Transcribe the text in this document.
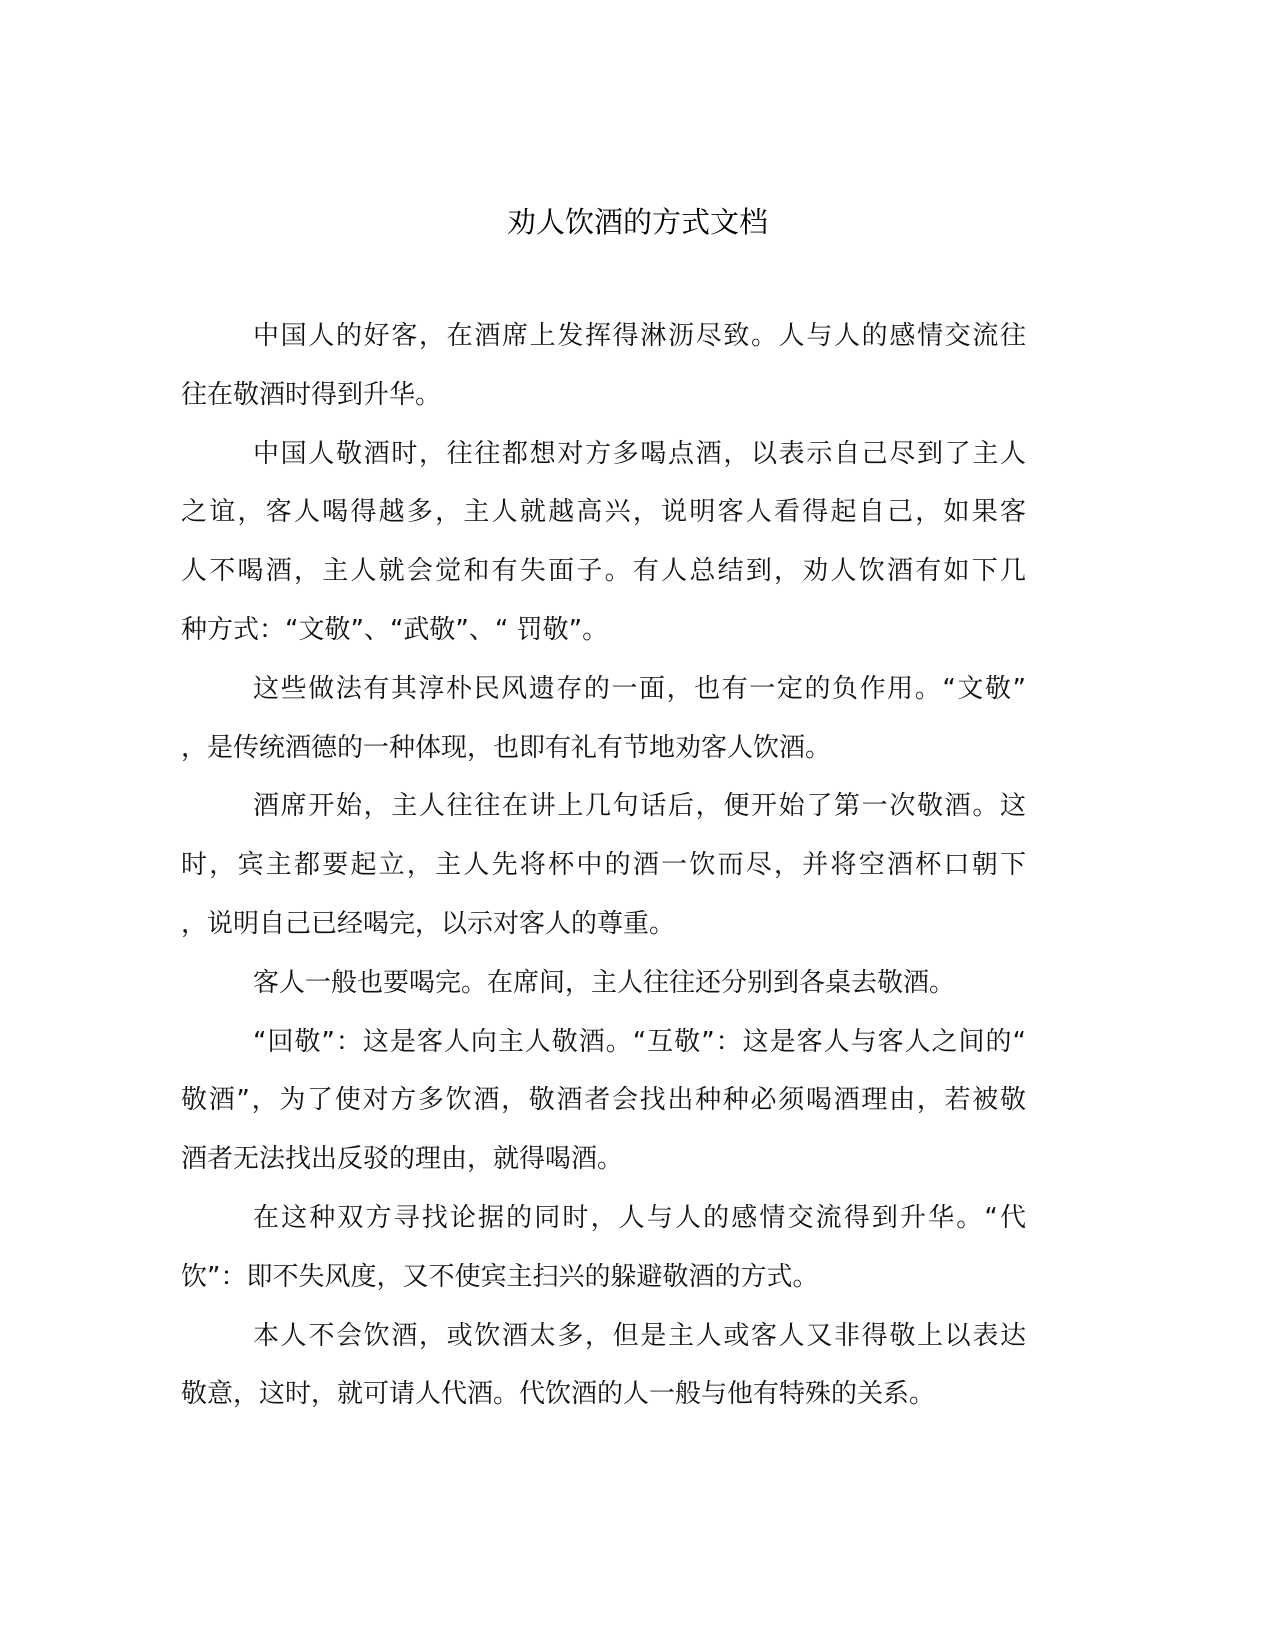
劝人饮酒的方式文档
中国人的好客，在酒席上发挥得淋沥尽致。人与人的感情交流往
往在敬酒时得到升华。
中国人敬酒时，往往都想对方多喝点酒，以表示自己尽到了主人
之谊，客人喝得越多，主人就越高兴，说明客人看得起自己，如果客
人不喝酒，主人就会觉和有失面子。有人总结到，劝人饮酒有如下几
种方式：“文敬”、“武敬”、“ 罚敬”。
这些做法有其淳朴民风遗存的一面，也有一定的负作用。“文敬”
，是传统酒德的一种体现，也即有礼有节地劝客人饮酒。
酒席开始，主人往往在讲上几句话后，便开始了第一次敬酒。这
时，宾主都要起立，主人先将杯中的酒一饮而尽，并将空酒杯口朝下
，说明自己已经喝完，以示对客人的尊重。
客人一般也要喝完。在席间，主人往往还分别到各桌去敬酒。
“回敬”：这是客人向主人敬酒。“互敬”：这是客人与客人之间的“
敬酒”，为了使对方多饮酒，敬酒者会找出种种必须喝酒理由，若被敬
酒者无法找出反驳的理由，就得喝酒。
在这种双方寻找论据的同时，人与人的感情交流得到升华。“代
饮”：即不失风度，又不使宾主扫兴的躲避敬酒的方式。
本人不会饮酒，或饮酒太多，但是主人或客人又非得敬上以表达
敬意，这时，就可请人代酒。代饮酒的人一般与他有特殊的关系。
